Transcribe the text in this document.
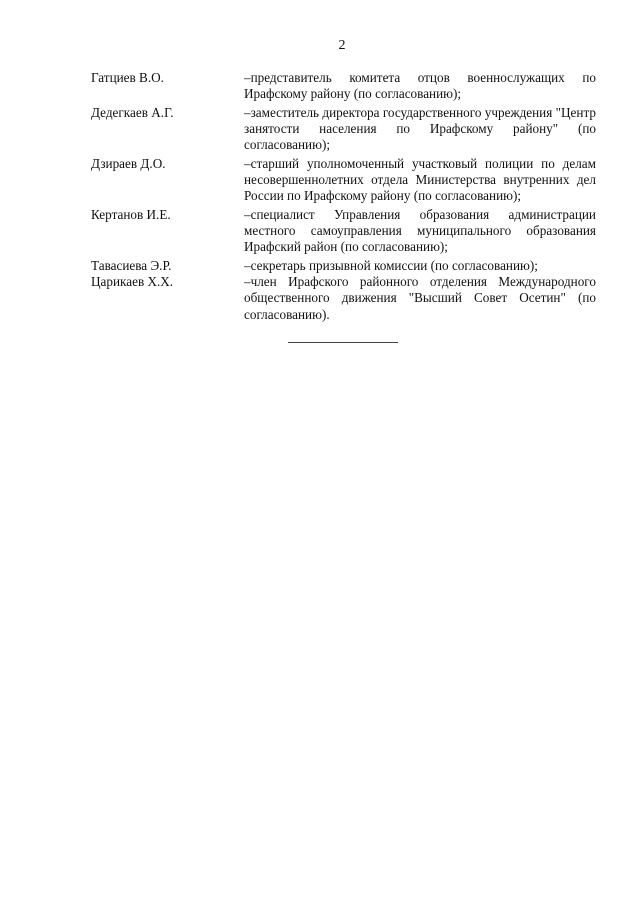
2
Гатциев В.О.	–представитель комитета отцов военнослужащих по Ирафскому району (по согласованию);
Дедегкаев А.Г.	–заместитель директора государственного учреждения "Центр занятости населения по Ирафскому району" (по согласованию);
Дзираев Д.О.	–старший уполномоченный участковый полиции по делам несовершеннолетних отдела Министерства внутренних дел России по Ирафскому району (по согласованию);
Кертанов И.Е.	–специалист Управления образования администрации местного самоуправления муниципального образования Ирафский район (по согласованию);
Тавасиева Э.Р.	–секретарь призывной комиссии (по согласованию);
Царикаев Х.Х.	–член Ирафского районного отделения Международного общественного движения "Высший Совет Осетин" (по согласованию).
